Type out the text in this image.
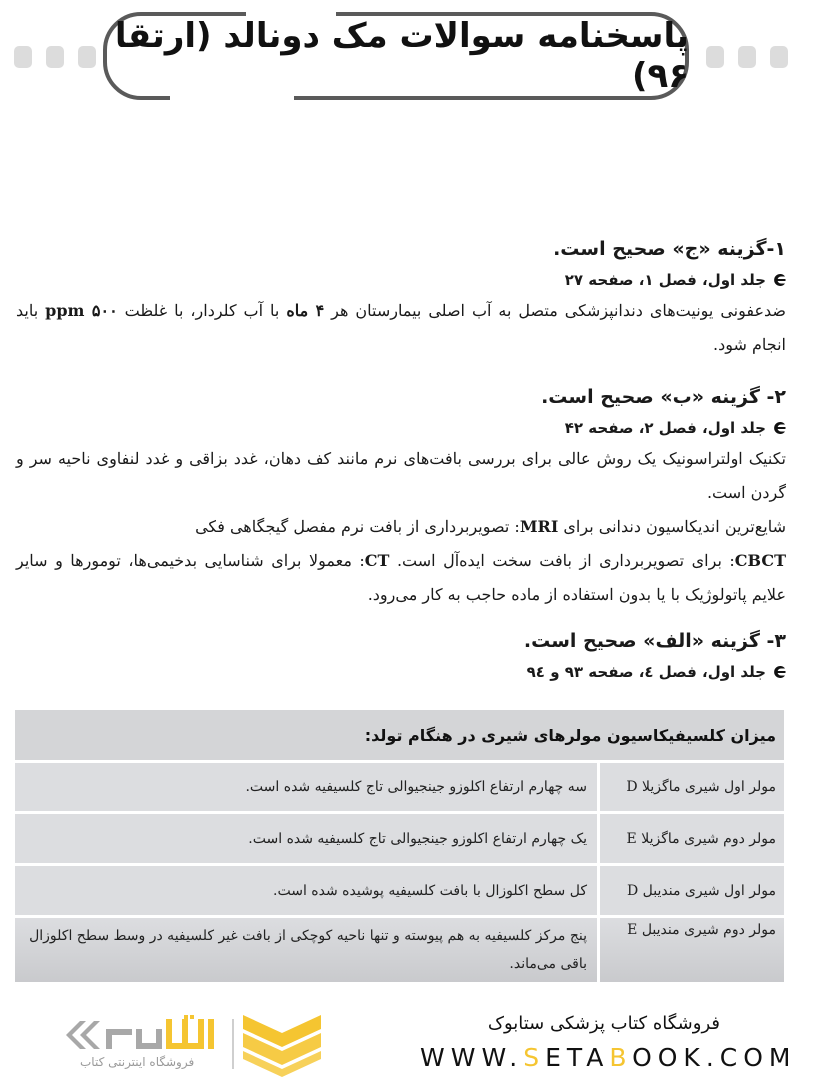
پاسخنامه سوالات مک دونالد (ارتقا ۹۶)
۱-گزینه «ج» صحیح است.
جلد اول، فصل ۱، صفحه ۲۷
ضدعفونی یونیت‌های دندانپزشکی متصل به آب اصلی بیمارستان هر ۴ ماه با آب کلردار، با غلظت ۵۰۰ ppm باید انجام شود.
۲- گزینه «ب» صحیح است.
جلد اول، فصل ۲، صفحه ۴۲
تکنیک اولتراسونیک یک روش عالی برای بررسی بافت‌های نرم مانند کف دهان، غدد بزاقی و غدد لنفاوی ناحیه سر و گردن است.
شایع‌ترین اندیکاسیون دندانی برای MRI: تصویربرداری از بافت نرم مفصل گیجگاهی فکی
CBCT: برای تصویربرداری از بافت سخت ایده‌آل است. CT: معمولا برای شناسایی بدخیمی‌ها، تومورها و سایر علایم پاتولوژیک با یا بدون استفاده از ماده حاجب به کار می‌رود.
۳- گزینه «الف» صحیح است.
جلد اول، فصل ٤، صفحه ۹۳ و ۹٤
میزان کلسیفیکاسیون مولرهای شیری در هنگام تولد:
مولر اول شیری ماگزیلا D
سه چهارم ارتفاع اکلوزو جینجیوالی تاج کلسیفیه شده است.
مولر دوم شیری ماگزیلا E
یک چهارم ارتفاع اکلوزو جینجیوالی تاج کلسیفیه شده است.
مولر اول شیری مندیبل D
کل سطح اکلوزال با بافت کلسیفیه پوشیده شده است.
مولر دوم شیری مندیبل E
پنج مرکز کلسیفیه به هم پیوسته و تنها ناحیه کوچکی از بافت غیر کلسیفیه در وسط سطح اکلوزال باقی می‌ماند.
فروشگاه اینترنتی کتاب
فروشگاه کتاب پزشکی ستابوک
WWW.SETABOOK.COM
